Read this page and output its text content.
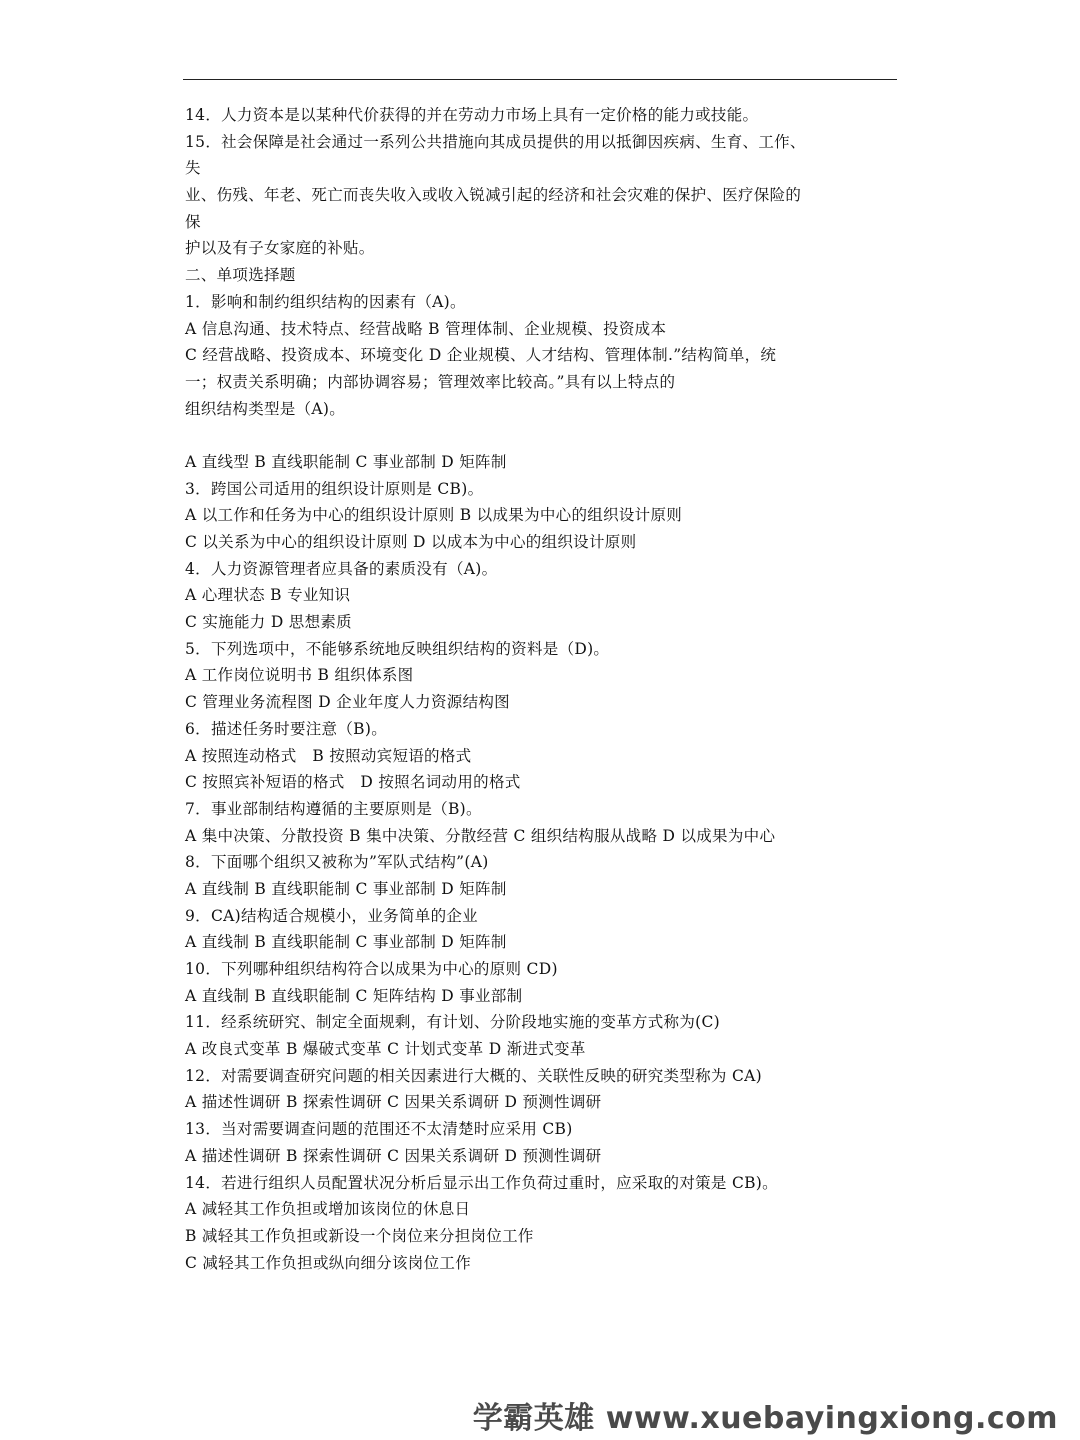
14．人力资本是以某种代价获得的并在劳动力市场上具有一定价格的能力或技能。
15．社会保障是社会通过一系列公共措施向其成员提供的用以抵御因疾病、生育、工作、
失
业、伤残、年老、死亡而丧失收入或收入锐减引起的经济和社会灾难的保护、医疗保险的
保
护以及有子女家庭的补贴。
二、单项选择题
1．影响和制约组织结构的因素有（A)。
A 信息沟通、技术特点、经营战略 B 管理体制、企业规模、投资成本
C 经营战略、投资成本、环境变化 D 企业规模、人才结构、管理体制.”结构简单，统
一；权责关系明确；内部协调容易；管理效率比较高。”具有以上特点的
组织结构类型是（A)。
A 直线型 B 直线职能制 C 事业部制 D 矩阵制
3．跨国公司适用的组织设计原则是 CB)。
A 以工作和任务为中心的组织设计原则 B 以成果为中心的组织设计原则
C 以关系为中心的组织设计原则 D 以成本为中心的组织设计原则
4．人力资源管理者应具备的素质没有（A)。
A 心理状态 B 专业知识
C 实施能力 D 思想素质
5．下列选项中，不能够系统地反映组织结构的资料是（D)。
A 工作岗位说明书 B 组织体系图
C 管理业务流程图 D 企业年度人力资源结构图
6．描述任务时要注意（B)。
A 按照连动格式　B 按照动宾短语的格式
C 按照宾补短语的格式　D 按照名词动用的格式
7．事业部制结构遵循的主要原则是（B)。
A 集中决策、分散投资 B 集中决策、分散经营 C 组织结构服从战略 D 以成果为中心
8．下面哪个组织又被称为”军队式结构”(A)
A 直线制 B 直线职能制 C 事业部制 D 矩阵制
9．CA)结构适合规模小，业务简单的企业
A 直线制 B 直线职能制 C 事业部制 D 矩阵制
10．下列哪种组织结构符合以成果为中心的原则 CD)
A 直线制 B 直线职能制 C 矩阵结构 D 事业部制
11．经系统研究、制定全面规剩，有计划、分阶段地实施的变革方式称为(C)
A 改良式变革 B 爆破式变革 C 计划式变革 D 渐进式变革
12．对需要调查研究问题的相关因素进行大概的、关联性反映的研究类型称为 CA)
A 描述性调研 B 探索性调研 C 因果关系调研 D 预测性调研
13．当对需要调查问题的范围还不太清楚时应采用 CB)
A 描述性调研 B 探索性调研 C 因果关系调研 D 预测性调研
14．若进行组织人员配置状况分析后显示出工作负荷过重时，应采取的对策是 CB)。
A 减轻其工作负担或增加该岗位的休息日
B 减轻其工作负担或新设一个岗位来分担岗位工作
C 减轻其工作负担或纵向细分该岗位工作
学霸英雄 www.xuebayingxiong.com
